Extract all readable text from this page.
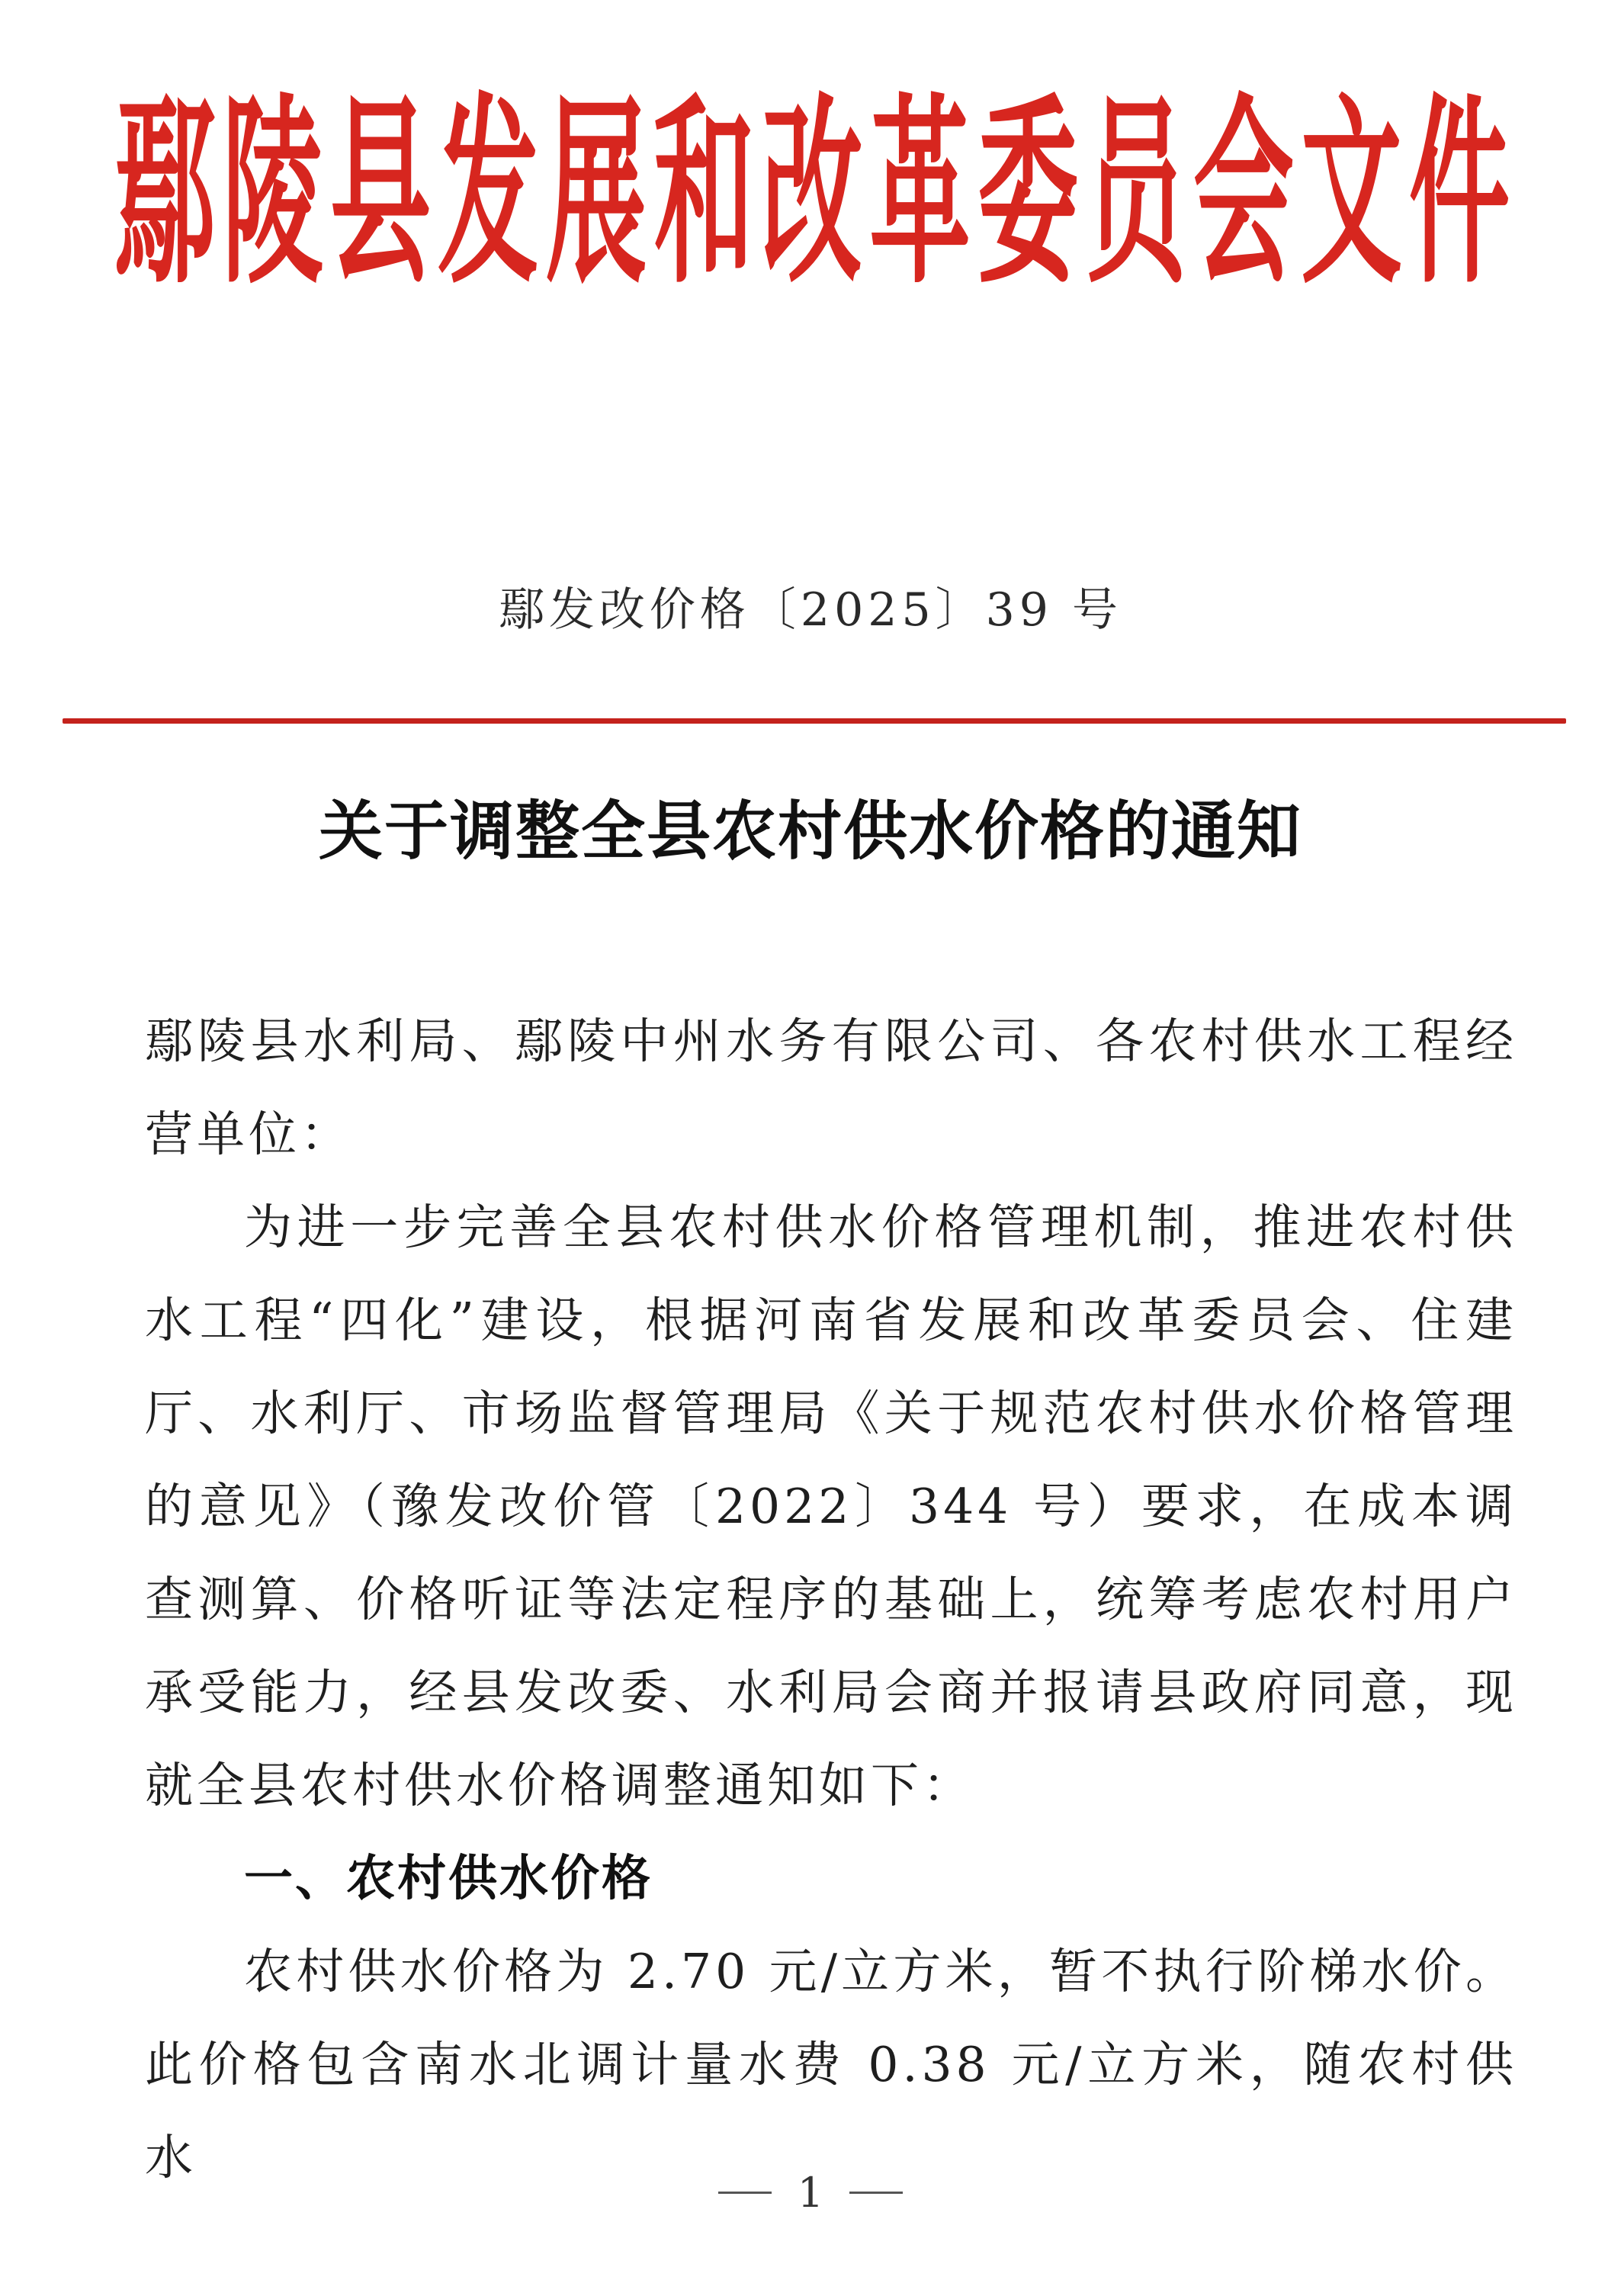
鄢陵县发展和改革委员会文件
鄢发改价格〔2025〕39 号
关于调整全县农村供水价格的通知

鄢陵县水利局、鄢陵中州水务有限公司、各农村供水工程经营单位：

为进一步完善全县农村供水价格管理机制，推进农村供水工程“四化”建设，根据河南省发展和改革委员会、住建厅、水利厅、市场监督管理局《关于规范农村供水价格管理的意见》（豫发改价管〔2022〕344 号）要求，在成本调查测算、价格听证等法定程序的基础上，统筹考虑农村用户承受能力，经县发改委、水利局会商并报请县政府同意，现就全县农村供水价格调整通知如下：

一、农村供水价格

农村供水价格为 2.70 元/立方米，暂不执行阶梯水价。此价格包含南水北调计量水费 0.38 元/立方米，随农村供水

1
